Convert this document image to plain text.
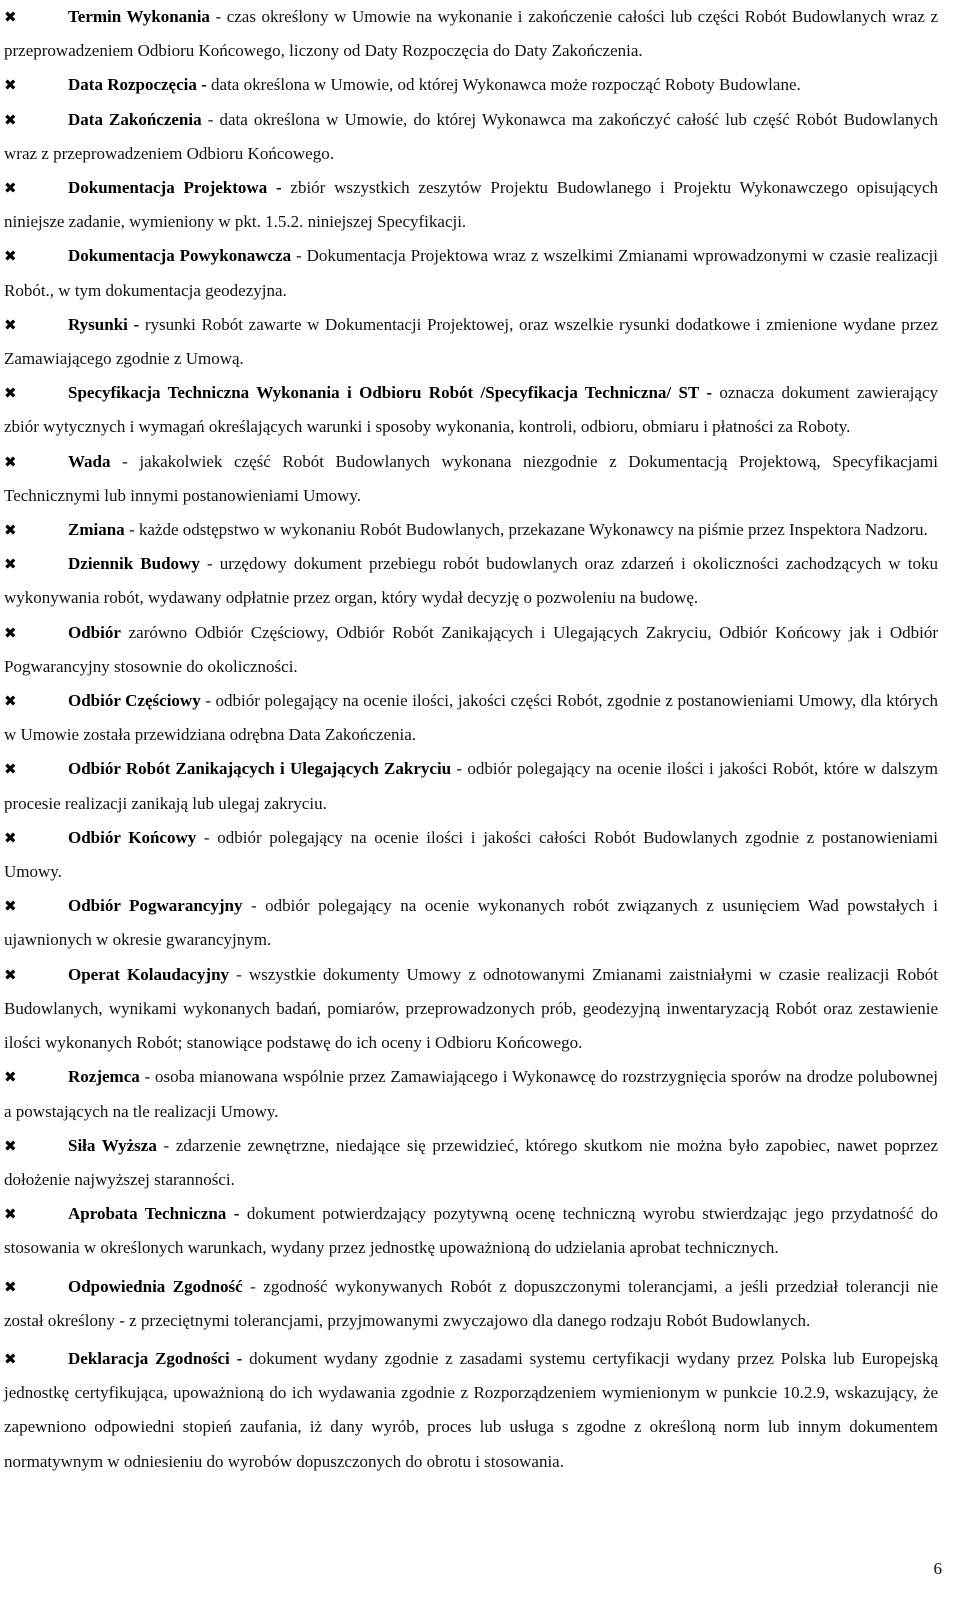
✖	Termin Wykonania - czas określony w Umowie na wykonanie i zakończenie całości lub części Robót Budowlanych wraz z przeprowadzeniem Odbioru Końcowego, liczony od Daty Rozpoczęcia do Daty Zakończenia.
✖	Data Rozpoczęcia - data określona w Umowie, od której Wykonawca może rozpocząć Roboty Budowlane.
✖	Data Zakończenia - data określona w Umowie, do której Wykonawca ma zakończyć całość lub część Robót Budowlanych wraz z przeprowadzeniem Odbioru Końcowego.
✖	Dokumentacja Projektowa - zbiór wszystkich zeszytów Projektu Budowlanego i Projektu Wykonawczego opisujących niniejsze zadanie, wymieniony w pkt. 1.5.2. niniejszej Specyfikacji.
✖	Dokumentacja Powykonawcza - Dokumentacja Projektowa wraz z wszelkimi Zmianami wprowadzonymi w czasie realizacji Robót., w tym dokumentacja geodezyjna.
✖	Rysunki - rysunki Robót zawarte w Dokumentacji Projektowej, oraz wszelkie rysunki dodatkowe i zmienione wydane przez Zamawiającego zgodnie z Umową.
✖	Specyfikacja Techniczna Wykonania i Odbioru Robót /Specyfikacja Techniczna/ ST - oznacza dokument zawierający zbiór wytycznych i wymagań określających warunki i sposoby wykonania, kontroli, odbioru, obmiaru i płatności za Roboty.
✖	Wada - jakakolwiek część Robót Budowlanych wykonana niezgodnie z Dokumentacją Projektową, Specyfikacjami Technicznymi lub innymi postanowieniami Umowy.
✖	Zmiana - każde odstępstwo w wykonaniu Robót Budowlanych, przekazane Wykonawcy na piśmie przez Inspektora Nadzoru.
✖	Dziennik Budowy - urzędowy dokument przebiegu robót budowlanych oraz zdarzeń i okoliczności zachodzących w toku wykonywania robót, wydawany odpłatnie przez organ, który wydał decyzję o pozwoleniu na budowę.
✖	Odbiór zarówno Odbiór Częściowy, Odbiór Robót Zanikających i Ulegających Zakryciu, Odbiór Końcowy jak i Odbiór Pogwarancyjny stosownie do okoliczności.
✖	Odbiór Częściowy - odbiór polegający na ocenie ilości, jakości części Robót, zgodnie z postanowieniami Umowy, dla których w Umowie została przewidziana odrębna Data Zakończenia.
✖	Odbiór Robót Zanikających i Ulegających Zakryciu - odbiór polegający na ocenie ilości i jakości Robót, które w dalszym procesie realizacji zanikają lub ulegaj zakryciu.
✖	Odbiór Końcowy - odbiór polegający na ocenie ilości i jakości całości Robót Budowlanych zgodnie z postanowieniami Umowy.
✖	Odbiór Pogwarancyjny - odbiór polegający na ocenie wykonanych robót związanych z usunięciem Wad powstałych i ujawnionych w okresie gwarancyjnym.
✖	Operat Kolaudacyjny - wszystkie dokumenty Umowy z odnotowanymi Zmianami zaistniałymi w czasie realizacji Robót Budowlanych, wynikami wykonanych badań, pomiarów, przeprowadzonych prób, geodezyjną inwentaryzacją Robót oraz zestawienie ilości wykonanych Robót; stanowiące podstawę do ich oceny i Odbioru Końcowego.
✖	Rozjemca - osoba mianowana wspólnie przez Zamawiającego i Wykonawcę do rozstrzygnięcia sporów na drodze polubownej a powstających na tle realizacji Umowy.
✖	Siła Wyższa - zdarzenie zewnętrzne, niedające się przewidzieć, którego skutkom nie można było zapobiec, nawet poprzez dołożenie najwyższej staranności.
✖	Aprobata Techniczna - dokument potwierdzający pozytywną ocenę techniczną wyrobu stwierdzając jego przydatność do stosowania w określonych warunkach, wydany przez jednostkę upoważnioną do udzielania aprobat technicznych.
✖	Odpowiednia Zgodność - zgodność wykonywanych Robót z dopuszczonymi tolerancjami, a jeśli przedział tolerancji nie został określony - z przeciętnymi tolerancjami, przyjmowanymi zwyczajowo dla danego rodzaju Robót Budowlanych.
✖	Deklaracja Zgodności - dokument wydany zgodnie z zasadami systemu certyfikacji wydany przez Polska lub Europejską jednostkę certyfikująca, upoważnioną do ich wydawania zgodnie z Rozporządzeniem wymienionym w punkcie 10.2.9, wskazujący, że zapewniono odpowiedni stopień zaufania, iż dany wyrób, proces lub usługa s zgodne z określoną norm lub innym dokumentem normatywnym w odniesieniu do wyrobów dopuszczonych do obrotu i stosowania.
6
